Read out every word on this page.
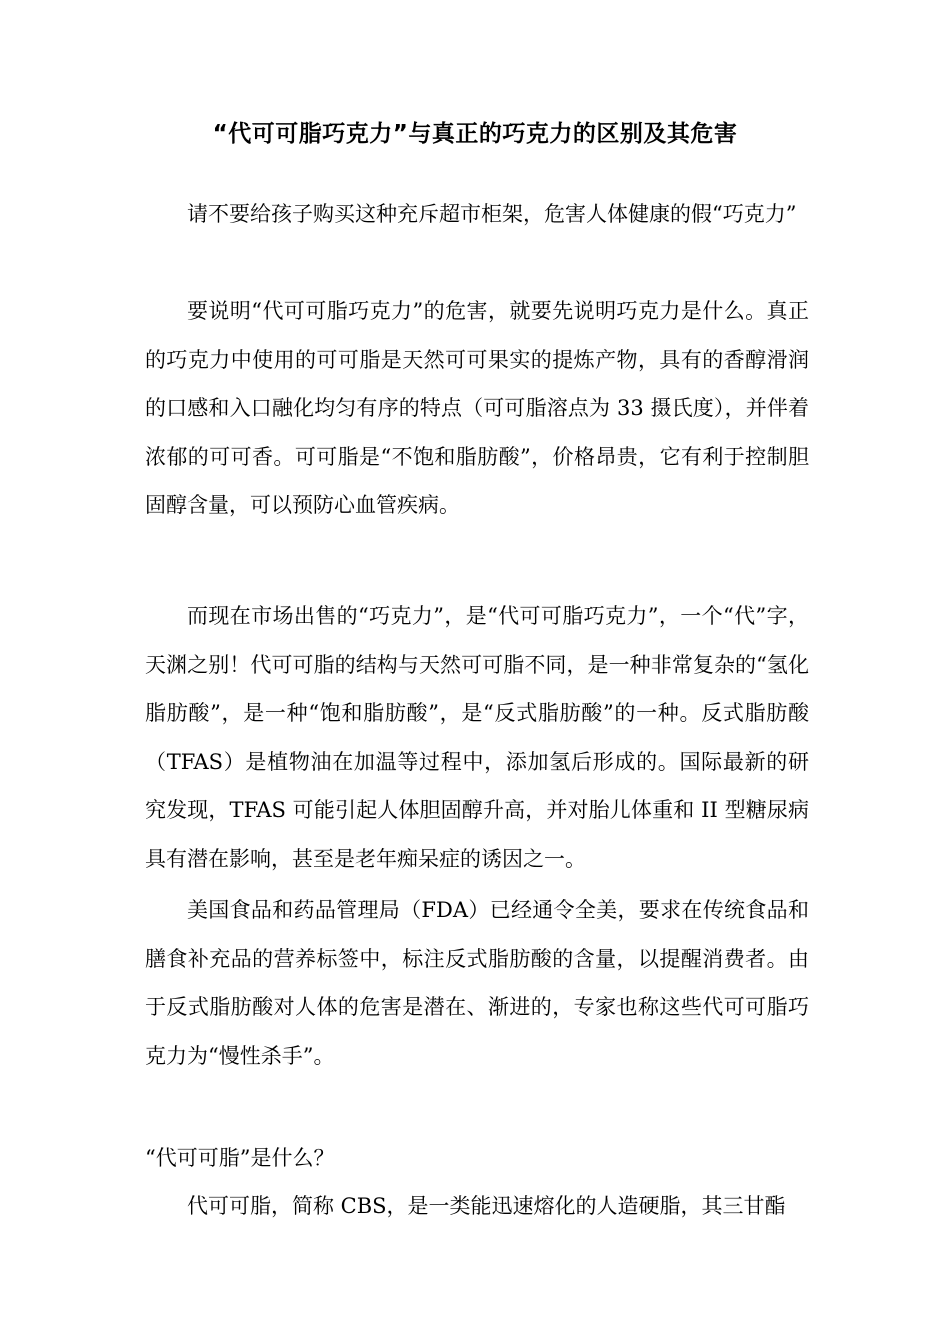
“代可可脂巧克力”与真正的巧克力的区别及其危害

请不要给孩子购买这种充斥超市柜架，危害人体健康的假“巧克力”

要说明“代可可脂巧克力”的危害，就要先说明巧克力是什么。真正的巧克力中使用的可可脂是天然可可果实的提炼产物，具有的香醇滑润的口感和入口融化均匀有序的特点（可可脂溶点为 33 摄氏度），并伴着浓郁的可可香。可可脂是“不饱和脂肪酸”，价格昂贵，它有利于控制胆固醇含量，可以预防心血管疾病。

而现在市场出售的“巧克力”，是“代可可脂巧克力”，一个“代”字，天渊之别！代可可脂的结构与天然可可脂不同，是一种非常复杂的“氢化脂肪酸”，是一种“饱和脂肪酸”，是“反式脂肪酸”的一种。反式脂肪酸（TFAS）是植物油在加温等过程中，添加氢后形成的。国际最新的研究发现，TFAS 可能引起人体胆固醇升高，并对胎儿体重和 II 型糖尿病具有潜在影响，甚至是老年痴呆症的诱因之一。

美国食品和药品管理局（FDA）已经通令全美，要求在传统食品和膳食补充品的营养标签中，标注反式脂肪酸的含量，以提醒消费者。由于反式脂肪酸对人体的危害是潜在、渐进的，专家也称这些代可可脂巧克力为“慢性杀手”。

“代可可脂”是什么？

代可可脂，简称 CBS，是一类能迅速熔化的人造硬脂，其三甘酯
